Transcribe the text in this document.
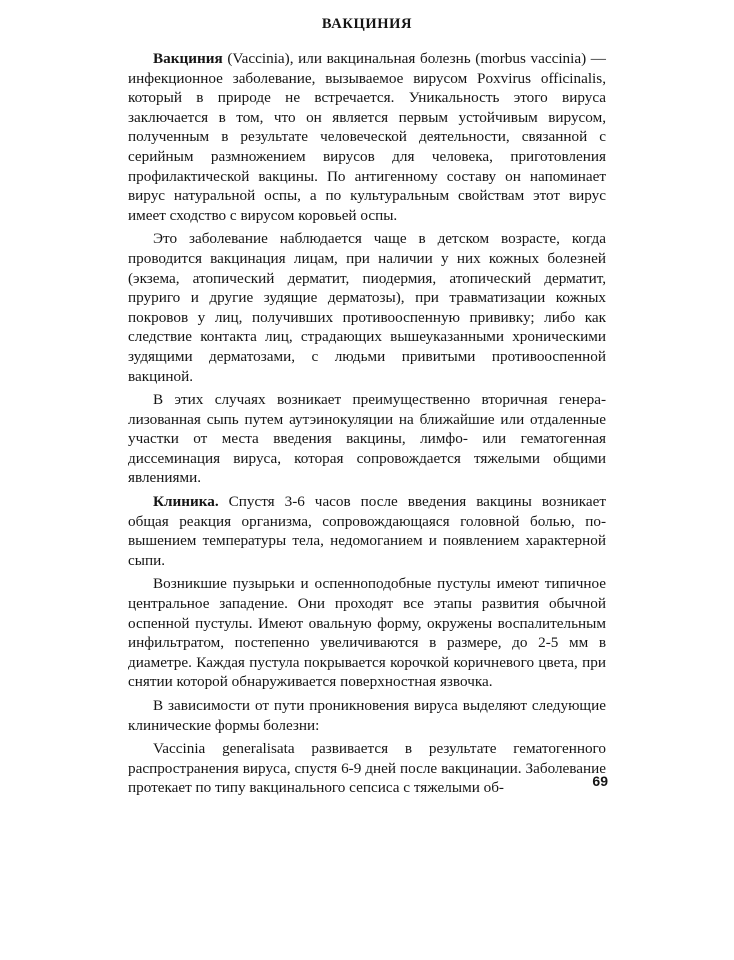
ВАКЦИНИЯ

Вакциния (Vaccinia), или вакцинальная болезнь (morbus vaccinia) — инфекционное заболевание, вызываемое вирусом Poxvirus officinalis, который в природе не встречается. Уникальность этого вируса заключается в том, что он является первым устойчивым вирусом, полученным в результате человеческой деятельности, связанной с серийным размножением вирусов для человека, приготовления профилактической вакцины. По антигенному составу он напоминает вирус натуральной оспы, а по культуральным свойствам этот вирус имеет сходство с вирусом коровьей оспы.

Это заболевание наблюдается чаще в детском возрасте, когда проводится вакцинация лицам, при наличии у них кожных болезней (экзема, атопический дерматит, пиодермия, атопический дерматит, пруриго и другие зудящие дерматозы), при травматизации кожных покровов у лиц, получивших противооспенную прививку; либо как следствие контакта лиц, страдающих вышеуказанными хроническими зудящими дерматозами, с людьми привитыми противооспенной вакциной.

В этих случаях возникает преимущественно вторичная генерализованная сыпь путем аутэинокуляции на ближайшие или отдаленные участки от места введения вакцины, лимфо- или гематогенная диссеминация вируса, которая сопровождается тяжелыми общими явлениями.

Клиника. Спустя 3-6 часов после введения вакцины возникает общая реакция организма, сопровождающаяся головной болью, повышением температуры тела, недомоганием и появлением характерной сыпи.

Возникшие пузырьки и оспенноподобные пустулы имеют типичное центральное западение. Они проходят все этапы развития обычной оспенной пустулы. Имеют овальную форму, окружены воспалительным инфильтратом, постепенно увеличиваются в размере, до 2-5 мм в диаметре. Каждая пустула покрывается корочкой коричневого цвета, при снятии которой обнаруживается поверхностная язвочка.

В зависимости от пути проникновения вируса выделяют следующие клинические формы болезни:

Vaccinia generalisata развивается в результате гематогенного распространения вируса, спустя 6-9 дней после вакцинации. Заболевание протекает по типу вакцинального сепсиса с тяжелыми об-	69
